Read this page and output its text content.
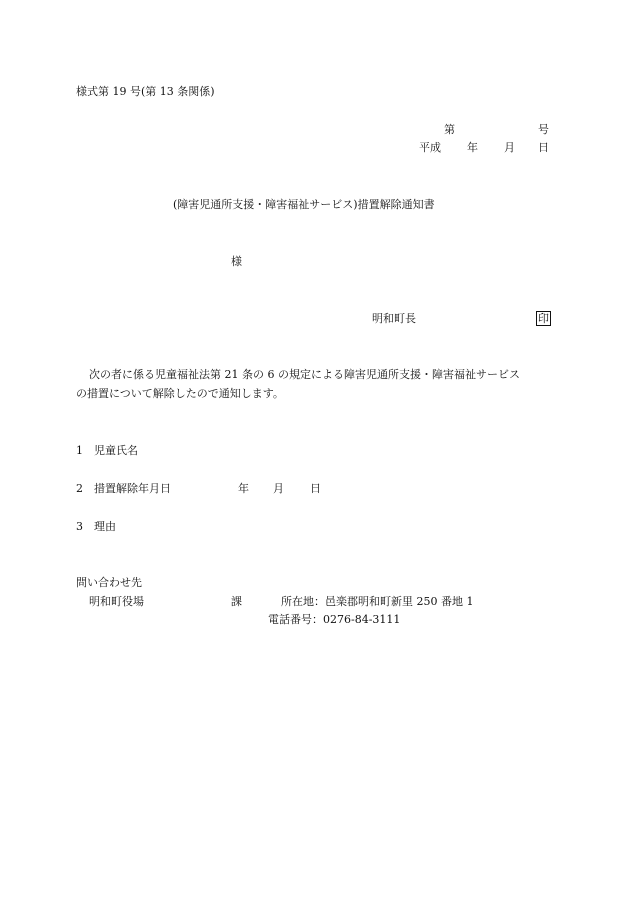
様式第 19 号(第 13 条関係)
第	号
平成 年 月 日
(障害児通所支援・障害福祉サービス)措置解除通知書
様
明和町長	印
次の者に係る児童福祉法第 21 条の 6 の規定による障害児通所支援・障害福祉サービス
の措置について解除したので通知します。
1 児童氏名
2 措置解除年月日	年 月 日
3 理由
問い合わせ先
明和町役場	課	所在地：邑楽郡明和町新里 250 番地 1
電話番号：0276-84-3111
